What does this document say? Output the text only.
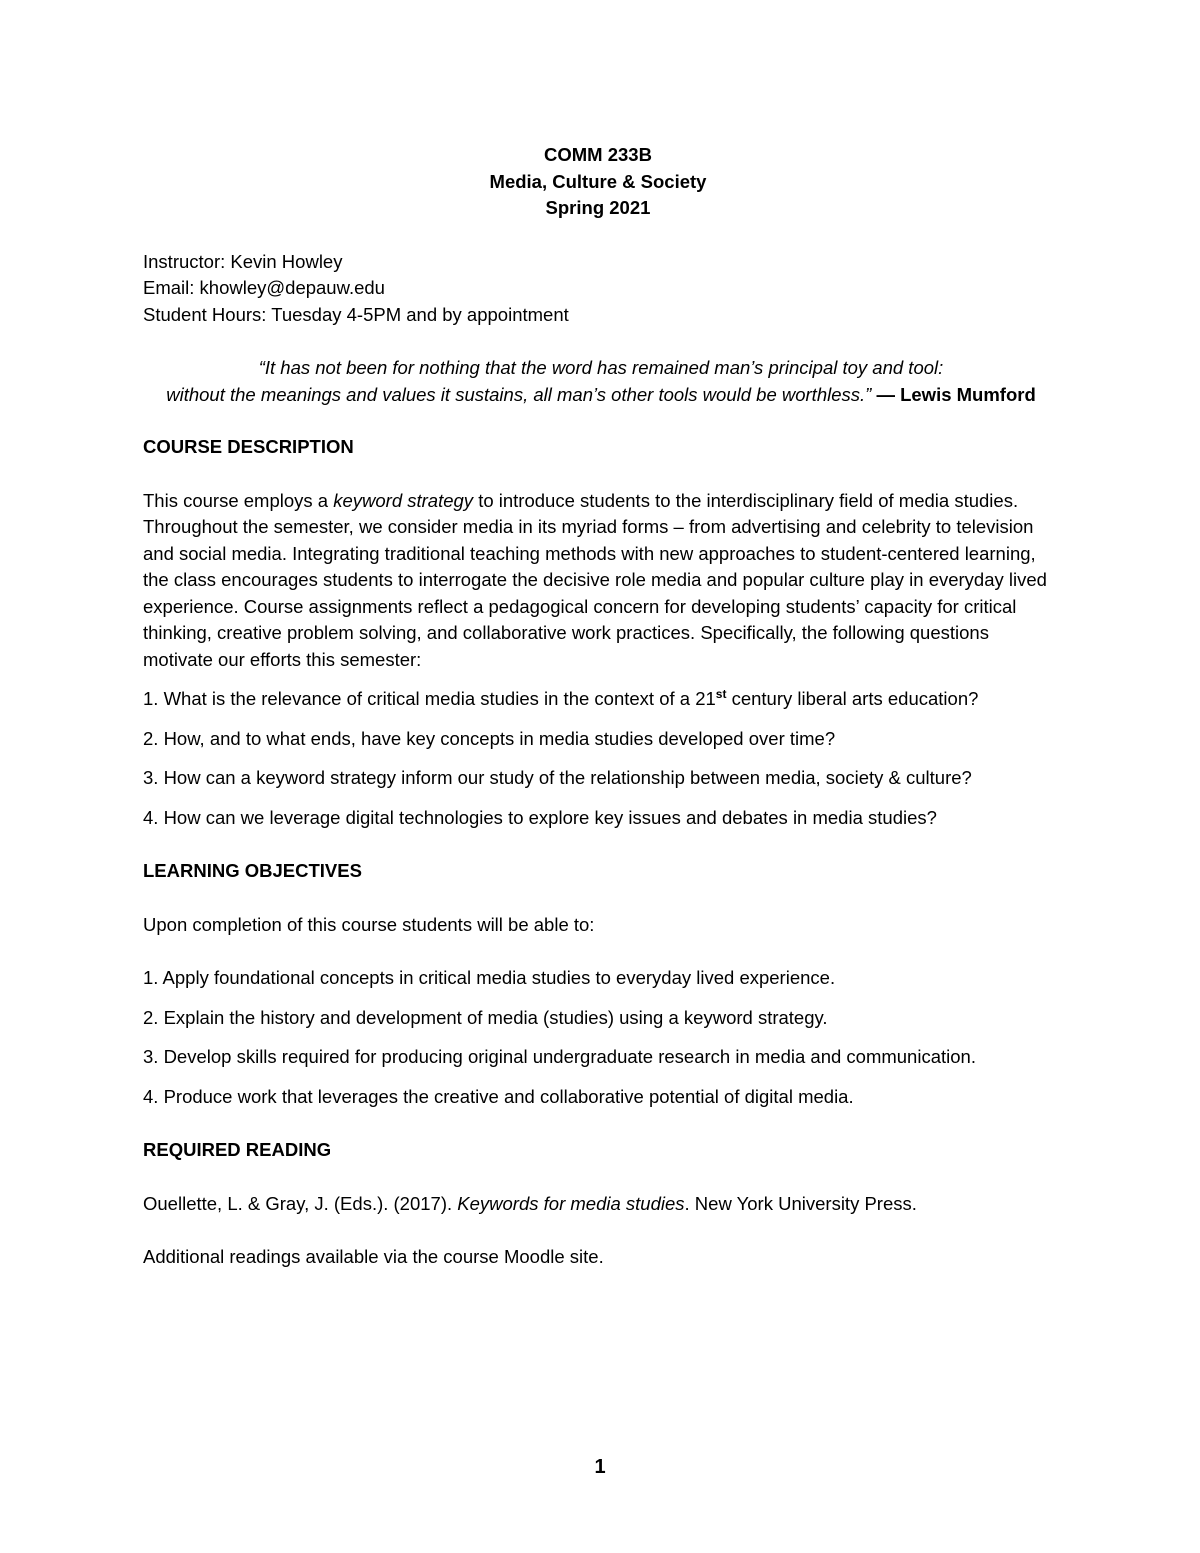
COMM 233B
Media, Culture & Society
Spring 2021
Instructor: Kevin Howley
Email: khowley@depauw.edu
Student Hours: Tuesday 4-5PM and by appointment
“It has not been for nothing that the word has remained man’s principal toy and tool:
without the meanings and values it sustains, all man’s other tools would be worthless.” — Lewis Mumford
COURSE DESCRIPTION

This course employs a keyword strategy to introduce students to the interdisciplinary field of media studies. Throughout the semester, we consider media in its myriad forms – from advertising and celebrity to television and social media. Integrating traditional teaching methods with new approaches to student-centered learning, the class encourages students to interrogate the decisive role media and popular culture play in everyday lived experience. Course assignments reflect a pedagogical concern for developing students’ capacity for critical thinking, creative problem solving, and collaborative work practices. Specifically, the following questions motivate our efforts this semester:

1. What is the relevance of critical media studies in the context of a 21st century liberal arts education?
2. How, and to what ends, have key concepts in media studies developed over time?
3. How can a keyword strategy inform our study of the relationship between media, society & culture?
4. How can we leverage digital technologies to explore key issues and debates in media studies?
LEARNING OBJECTIVES
Upon completion of this course students will be able to:
1. Apply foundational concepts in critical media studies to everyday lived experience.
2. Explain the history and development of media (studies) using a keyword strategy.
3. Develop skills required for producing original undergraduate research in media and communication.
4. Produce work that leverages the creative and collaborative potential of digital media.
REQUIRED READING

Ouellette, L. & Gray, J. (Eds.). (2017). Keywords for media studies. New York University Press.

Additional readings available via the course Moodle site.
1
